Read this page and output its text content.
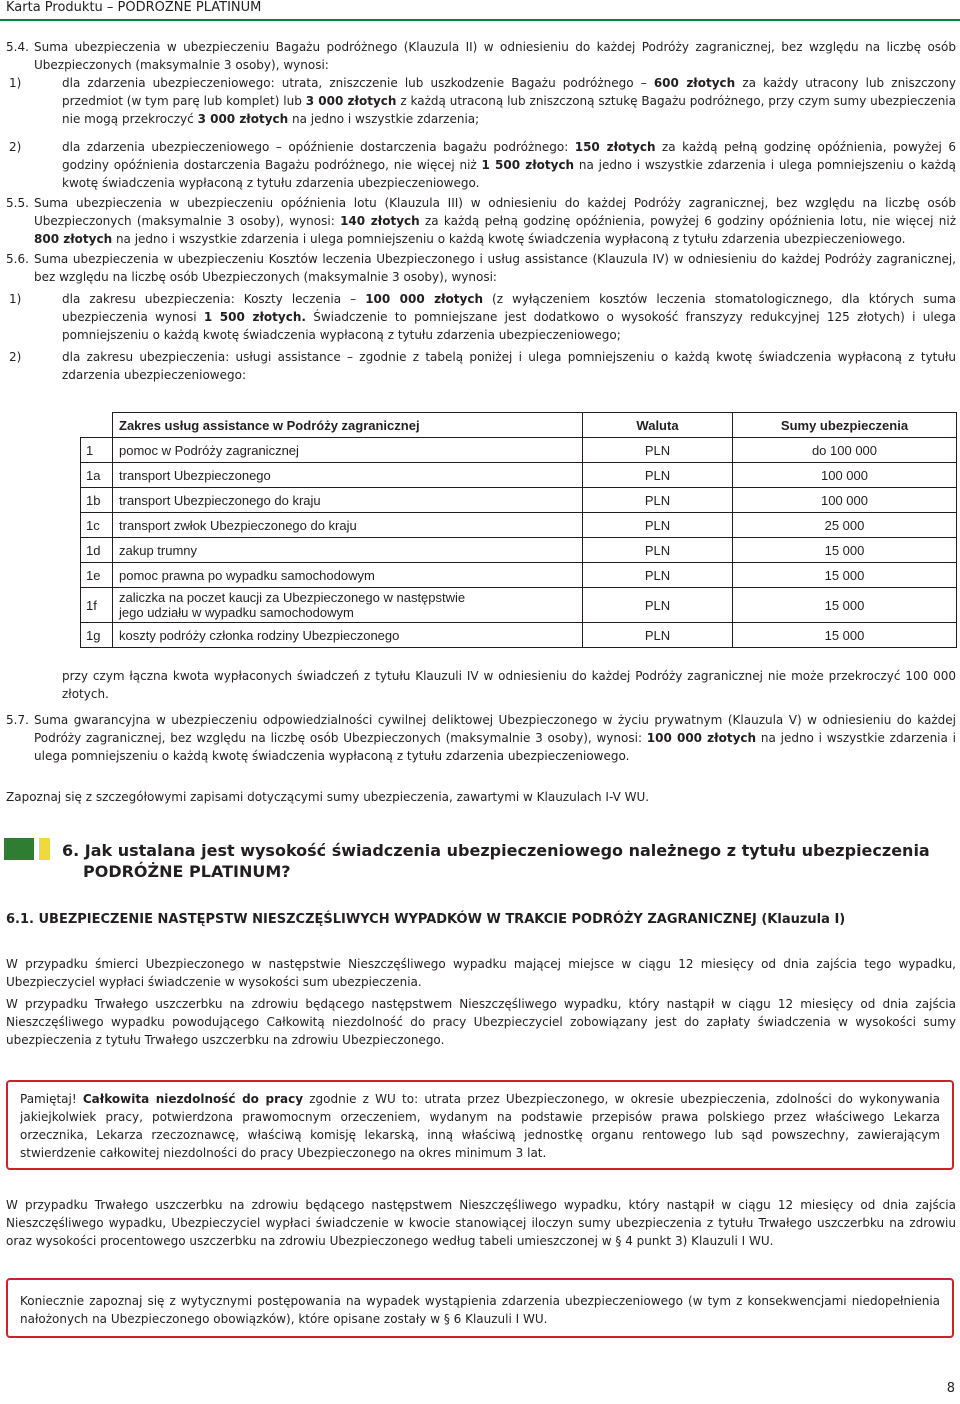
Karta Produktu – PODRÓŻNE PLATINUM
5.4. Suma ubezpieczenia w ubezpieczeniu Bagażu podróżnego (Klauzula II) w odniesieniu do każdej Podróży zagranicznej, bez względu na liczbę osób Ubezpieczonych (maksymalnie 3 osoby), wynosi:

1)	dla zdarzenia ubezpieczeniowego: utrata, zniszczenie lub uszkodzenie Bagażu podróżnego – 600 złotych za każdy utracony lub zniszczony przedmiot (w tym parę lub komplet) lub 3 000 złotych z każdą utraconą lub zniszczoną sztukę Bagażu podróżnego, przy czym sumy ubezpieczenia nie mogą przekroczyć 3 000 złotych na jedno i wszystkie zdarzenia;

2)	dla zdarzenia ubezpieczeniowego – opóźnienie dostarczenia bagażu podróżnego: 150 złotych za każdą pełną godzinę opóźnienia, powyżej 6 godziny opóźnienia dostarczenia Bagażu podróżnego, nie więcej niż 1 500 złotych na jedno i wszystkie zdarzenia i ulega pomniejszeniu o każdą kwotę świadczenia wypłaconą z tytułu zdarzenia ubezpieczeniowego.

5.5. Suma ubezpieczenia w ubezpieczeniu opóźnienia lotu (Klauzula III) w odniesieniu do każdej Podróży zagranicznej, bez względu na liczbę osób Ubezpieczonych (maksymalnie 3 osoby), wynosi: 140 złotych za każdą pełną godzinę opóźnienia, powyżej 6 godziny opóźnienia lotu, nie więcej niż 800 złotych na jedno i wszystkie zdarzenia i ulega pomniejszeniu o każdą kwotę świadczenia wypłaconą z tytułu zdarzenia ubezpieczeniowego.

5.6. Suma ubezpieczenia w ubezpieczeniu Kosztów leczenia Ubezpieczonego i usług assistance (Klauzula IV) w odniesieniu do każdej Podróży zagranicznej, bez względu na liczbę osób Ubezpieczonych (maksymalnie 3 osoby), wynosi:

1)	dla zakresu ubezpieczenia: Koszty leczenia – 100 000 złotych (z wyłączeniem kosztów leczenia stomatologicznego, dla których suma ubezpieczenia wynosi 1 500 złotych. Świadczenie to pomniejszane jest dodatkowo o wysokość franszyzy redukcyjnej 125 złotych) i ulega pomniejszeniu o każdą kwotę świadczenia wypłaconą z tytułu zdarzenia ubezpieczeniowego;

2)	dla zakresu ubezpieczenia: usługi assistance – zgodnie z tabelą poniżej i ulega pomniejszeniu o każdą kwotę świadczenia wypłaconą z tytułu zdarzenia ubezpieczeniowego:

	Zakres usług assistance w Podróży zagranicznej	Waluta	Sumy ubezpieczenia
1	pomoc w Podróży zagranicznej	PLN	do 100 000
1a	transport Ubezpieczonego	PLN	100 000
1b	transport Ubezpieczonego do kraju	PLN	100 000
1c	transport zwłok Ubezpieczonego do kraju	PLN	25 000
1d	zakup trumny	PLN	15 000
1e	pomoc prawna po wypadku samochodowym	PLN	15 000
1f	zaliczka na poczet kaucji za Ubezpieczonego w następstwie
jego udziału w wypadku samochodowym	PLN	15 000
1g	koszty podróży członka rodziny Ubezpieczonego	PLN	15 000

przy czym łączna kwota wypłaconych świadczeń z tytułu Klauzuli IV w odniesieniu do każdej Podróży zagranicznej nie może przekroczyć 100 000 złotych.

5.7. Suma gwarancyjna w ubezpieczeniu odpowiedzialności cywilnej deliktowej Ubezpieczonego w życiu prywatnym (Klauzula V) w odniesieniu do każdej Podróży zagranicznej, bez względu na liczbę osób Ubezpieczonych (maksymalnie 3 osoby), wynosi: 100 000 złotych na jedno i wszystkie zdarzenia i ulega pomniejszeniu o każdą kwotę świadczenia wypłaconą z tytułu zdarzenia ubezpieczeniowego.

Zapoznaj się z szczegółowymi zapisami dotyczącymi sumy ubezpieczenia, zawartymi w Klauzulach I-V WU.

6. Jak ustalana jest wysokość świadczenia ubezpieczeniowego należnego z tytułu ubezpieczenia
PODRÓŻNE PLATINUM?
6.1. UBEZPIECZENIE NASTĘPSTW NIESZCZĘŚLIWYCH WYPADKÓW W TRAKCIE PODRÓŻY ZAGRANICZNEJ (Klauzula I)

W przypadku śmierci Ubezpieczonego w następstwie Nieszczęśliwego wypadku mającej miejsce w ciągu 12 miesięcy od dnia zajścia tego wypadku, Ubezpieczyciel wypłaci świadczenie w wysokości sum ubezpieczenia.

W przypadku Trwałego uszczerbku na zdrowiu będącego następstwem Nieszczęśliwego wypadku, który nastąpił w ciągu 12 miesięcy od dnia zajścia Nieszczęśliwego wypadku powodującego Całkowitą niezdolność do pracy Ubezpieczyciel zobowiązany jest do zapłaty świadczenia w wysokości sumy ubezpieczenia z tytułu Trwałego uszczerbku na zdrowiu Ubezpieczonego.

Pamiętaj! Całkowita niezdolność do pracy zgodnie z WU to: utrata przez Ubezpieczonego, w okresie ubezpieczenia, zdolności do wykonywania jakiejkolwiek pracy, potwierdzona prawomocnym orzeczeniem, wydanym na podstawie przepisów prawa polskiego przez właściwego Lekarza orzecznika, Lekarza rzeczoznawcę, właściwą komisję lekarską, inną właściwą jednostkę organu rentowego lub sąd powszechny, zawierającym stwierdzenie całkowitej niezdolności do pracy Ubezpieczonego na okres minimum 3 lat.

W przypadku Trwałego uszczerbku na zdrowiu będącego następstwem Nieszczęśliwego wypadku, który nastąpił w ciągu 12 miesięcy od dnia zajścia Nieszczęśliwego wypadku, Ubezpieczyciel wypłaci świadczenie w kwocie stanowiącej iloczyn sumy ubezpieczenia z tytułu Trwałego uszczerbku na zdrowiu oraz wysokości procentowego uszczerbku na zdrowiu Ubezpieczonego według tabeli umieszczonej w § 4 punkt 3) Klauzuli I WU.

Koniecznie zapoznaj się z wytycznymi postępowania na wypadek wystąpienia zdarzenia ubezpieczeniowego (w tym z konsekwencjami niedopełnienia nałożonych na Ubezpieczonego obowiązków), które opisane zostały w § 6 Klauzuli I WU.

8
